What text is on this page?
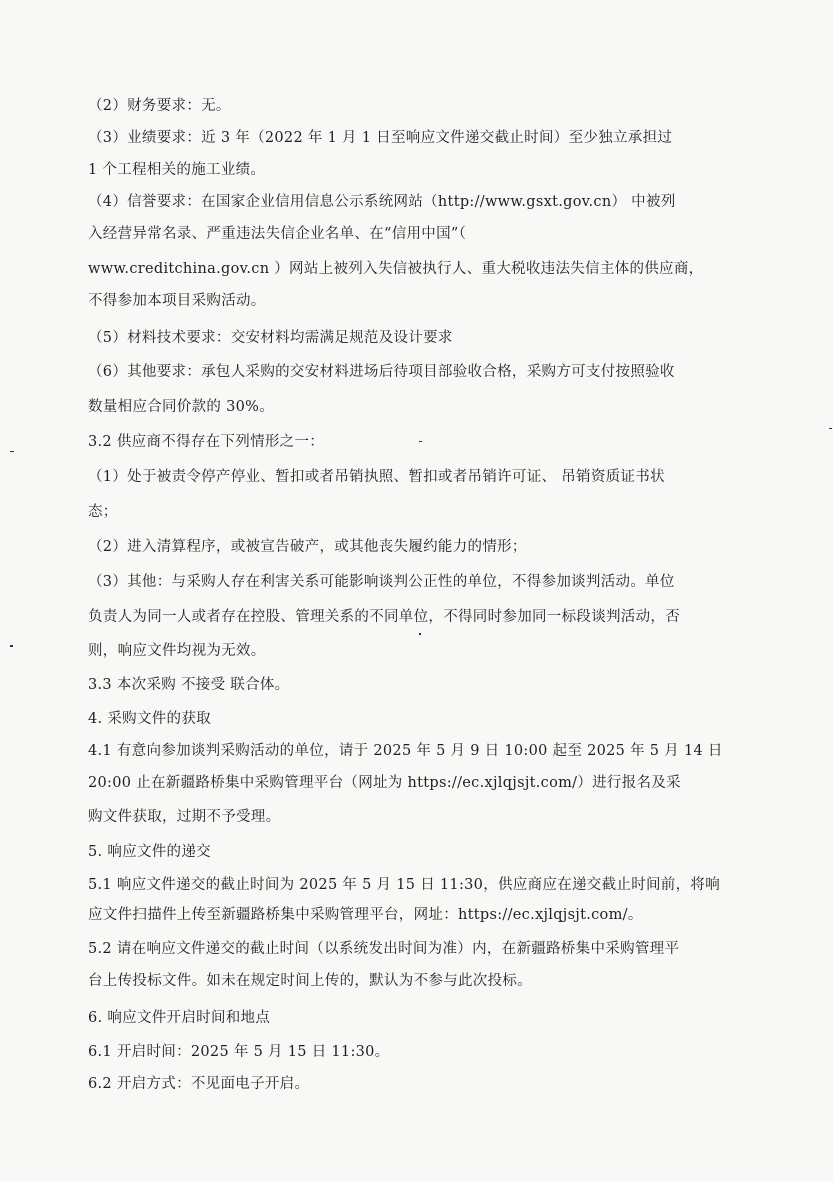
（2）财务要求：无。
（3）业绩要求：近 3 年（2022 年 1 月 1 日至响应文件递交截止时间）至少独立承担过
1 个工程相关的施工业绩。
（4）信誉要求：在国家企业信用信息公示系统网站（http://www.gsxt.gov.cn） 中被列
入经营异常名录、严重违法失信企业名单、在“信用中国”（
www.creditchina.gov.cn ）网站上被列入失信被执行人、重大税收违法失信主体的供应商，
不得参加本项目采购活动。
（5）材料技术要求：交安材料均需满足规范及设计要求
（6）其他要求：承包人采购的交安材料进场后待项目部验收合格，采购方可支付按照验收
数量相应合同价款的 30%。
3.2 供应商不得存在下列情形之一：
（1）处于被责令停产停业、暂扣或者吊销执照、暂扣或者吊销许可证、 吊销资质证书状
态；
（2）进入清算程序，或被宣告破产，或其他丧失履约能力的情形；
（3）其他：与采购人存在利害关系可能影响谈判公正性的单位，不得参加谈判活动。单位
负责人为同一人或者存在控股、管理关系的不同单位，不得同时参加同一标段谈判活动，否
则，响应文件均视为无效。
3.3 本次采购 不接受 联合体。
4. 采购文件的获取
4.1 有意向参加谈判采购活动的单位，请于 2025 年 5 月 9 日 10:00 起至 2025 年 5 月 14 日
20:00 止在新疆路桥集中采购管理平台（网址为 https://ec.xjlqjsjt.com/）进行报名及采
购文件获取，过期不予受理。
5. 响应文件的递交
5.1 响应文件递交的截止时间为 2025 年 5 月 15 日 11:30，供应商应在递交截止时间前，将响
应文件扫描件上传至新疆路桥集中采购管理平台，网址：https://ec.xjlqjsjt.com/。
5.2 请在响应文件递交的截止时间（以系统发出时间为准）内，在新疆路桥集中采购管理平
台上传投标文件。如未在规定时间上传的，默认为不参与此次投标。
6. 响应文件开启时间和地点
6.1 开启时间：2025 年 5 月 15 日 11:30。
6.2 开启方式：不见面电子开启。
